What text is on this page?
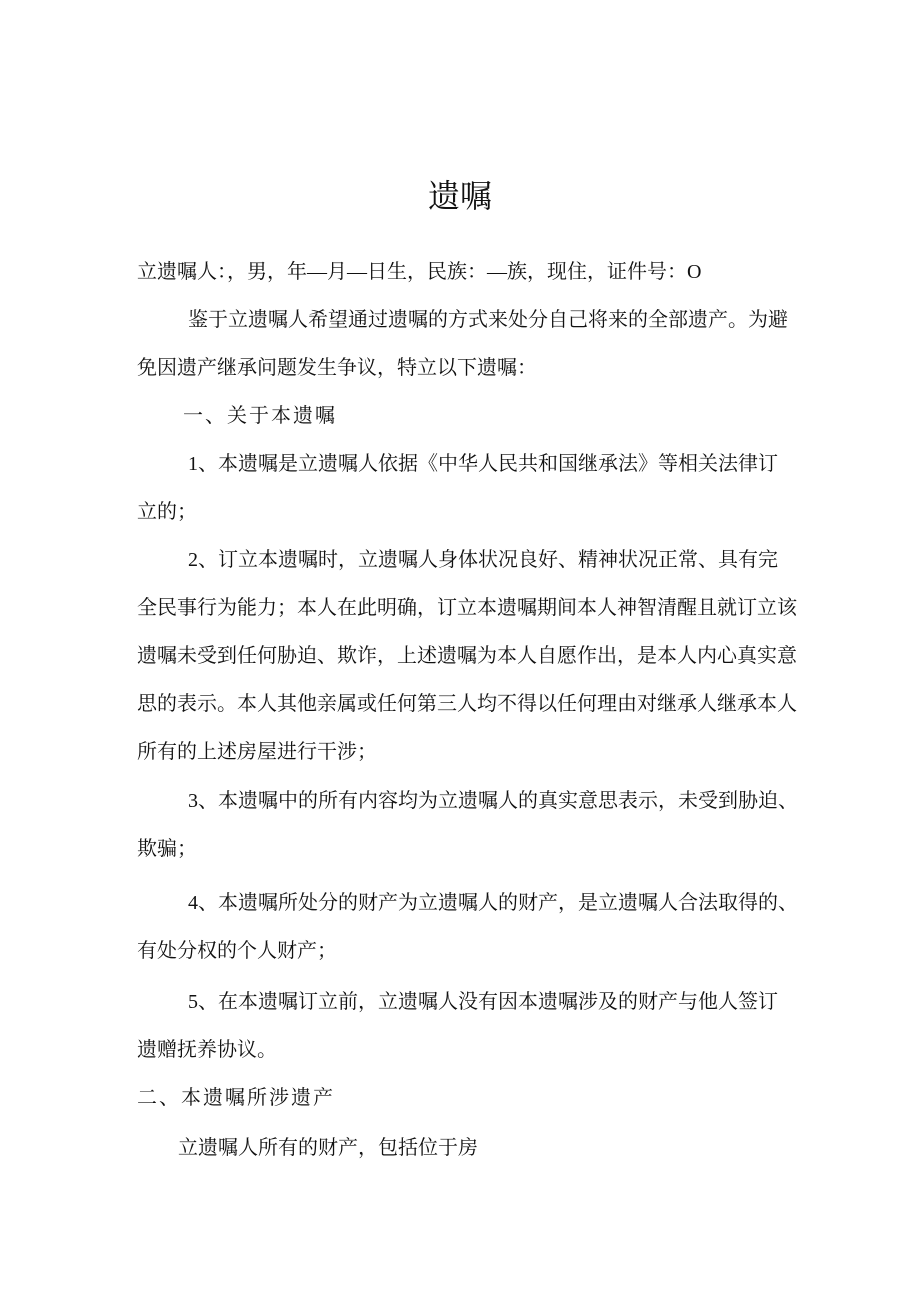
遗嘱
立遗嘱人：，男，年—月—日生，民族：—族，现住，证件号：O
鉴于立遗嘱人希望通过遗嘱的方式来处分自己将来的全部遗产。为避
免因遗产继承问题发生争议，特立以下遗嘱：
一、关于本遗嘱
1、本遗嘱是立遗嘱人依据《中华人民共和国继承法》等相关法律订
立的；
2、订立本遗嘱时，立遗嘱人身体状况良好、精神状况正常、具有完
全民事行为能力；本人在此明确，订立本遗嘱期间本人神智清醒且就订立该
遗嘱未受到任何胁迫、欺诈，上述遗嘱为本人自愿作出，是本人内心真实意
思的表示。本人其他亲属或任何第三人均不得以任何理由对继承人继承本人
所有的上述房屋进行干涉；
3、本遗嘱中的所有内容均为立遗嘱人的真实意思表示，未受到胁迫、
欺骗；
4、本遗嘱所处分的财产为立遗嘱人的财产，是立遗嘱人合法取得的、
有处分权的个人财产；
5、在本遗嘱订立前，立遗嘱人没有因本遗嘱涉及的财产与他人签订
遗赠抚养协议。
二、本遗嘱所涉遗产
立遗嘱人所有的财产，包括位于房
